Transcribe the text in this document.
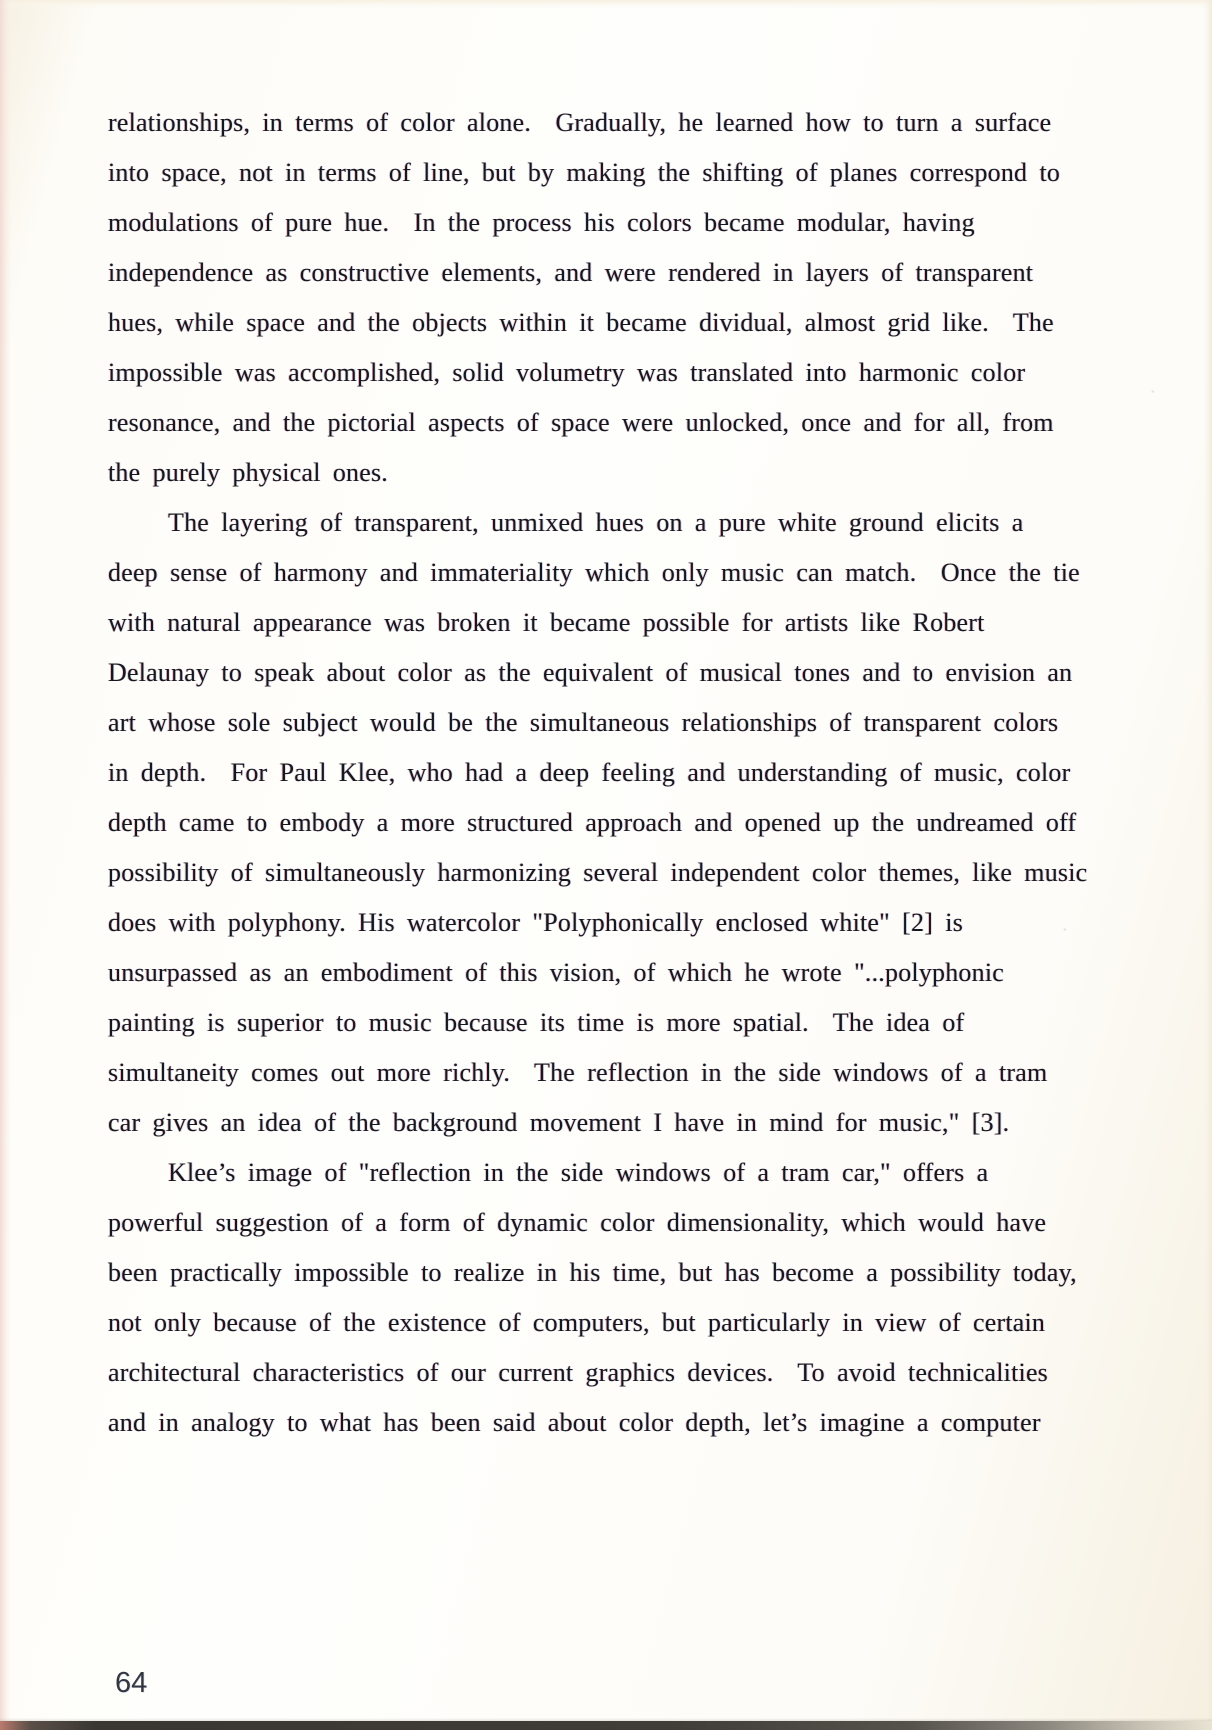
relationships, in terms of color alone.  Gradually, he learned how to turn a surface
into space, not in terms of line, but by making the shifting of planes correspond to
modulations of pure hue.  In the process his colors became modular, having
independence as constructive elements, and were rendered in layers of transparent
hues, while space and the objects within it became dividual, almost grid like.  The
impossible was accomplished, solid volumetry was translated into harmonic color
resonance, and the pictorial aspects of space were unlocked, once and for all, from
the purely physical ones.
The layering of transparent, unmixed hues on a pure white ground elicits a
deep sense of harmony and immateriality which only music can match.  Once the tie
with natural appearance was broken it became possible for artists like Robert
Delaunay to speak about color as the equivalent of musical tones and to envision an
art whose sole subject would be the simultaneous relationships of transparent colors
in depth.  For Paul Klee, who had a deep feeling and understanding of music, color
depth came to embody a more structured approach and opened up the undreamed off
possibility of simultaneously harmonizing several independent color themes, like music
does with polyphony. His watercolor "Polyphonically enclosed white" [2] is
unsurpassed as an embodiment of this vision, of which he wrote "...polyphonic
painting is superior to music because its time is more spatial.  The idea of
simultaneity comes out more richly.  The reflection in the side windows of a tram
car gives an idea of the background movement I have in mind for music," [3].
Klee’s image of "reflection in the side windows of a tram car," offers a
powerful suggestion of a form of dynamic color dimensionality, which would have
been practically impossible to realize in his time, but has become a possibility today,
not only because of the existence of computers, but particularly in view of certain
architectural characteristics of our current graphics devices.  To avoid technicalities
and in analogy to what has been said about color depth, let’s imagine a computer
64
·
·
